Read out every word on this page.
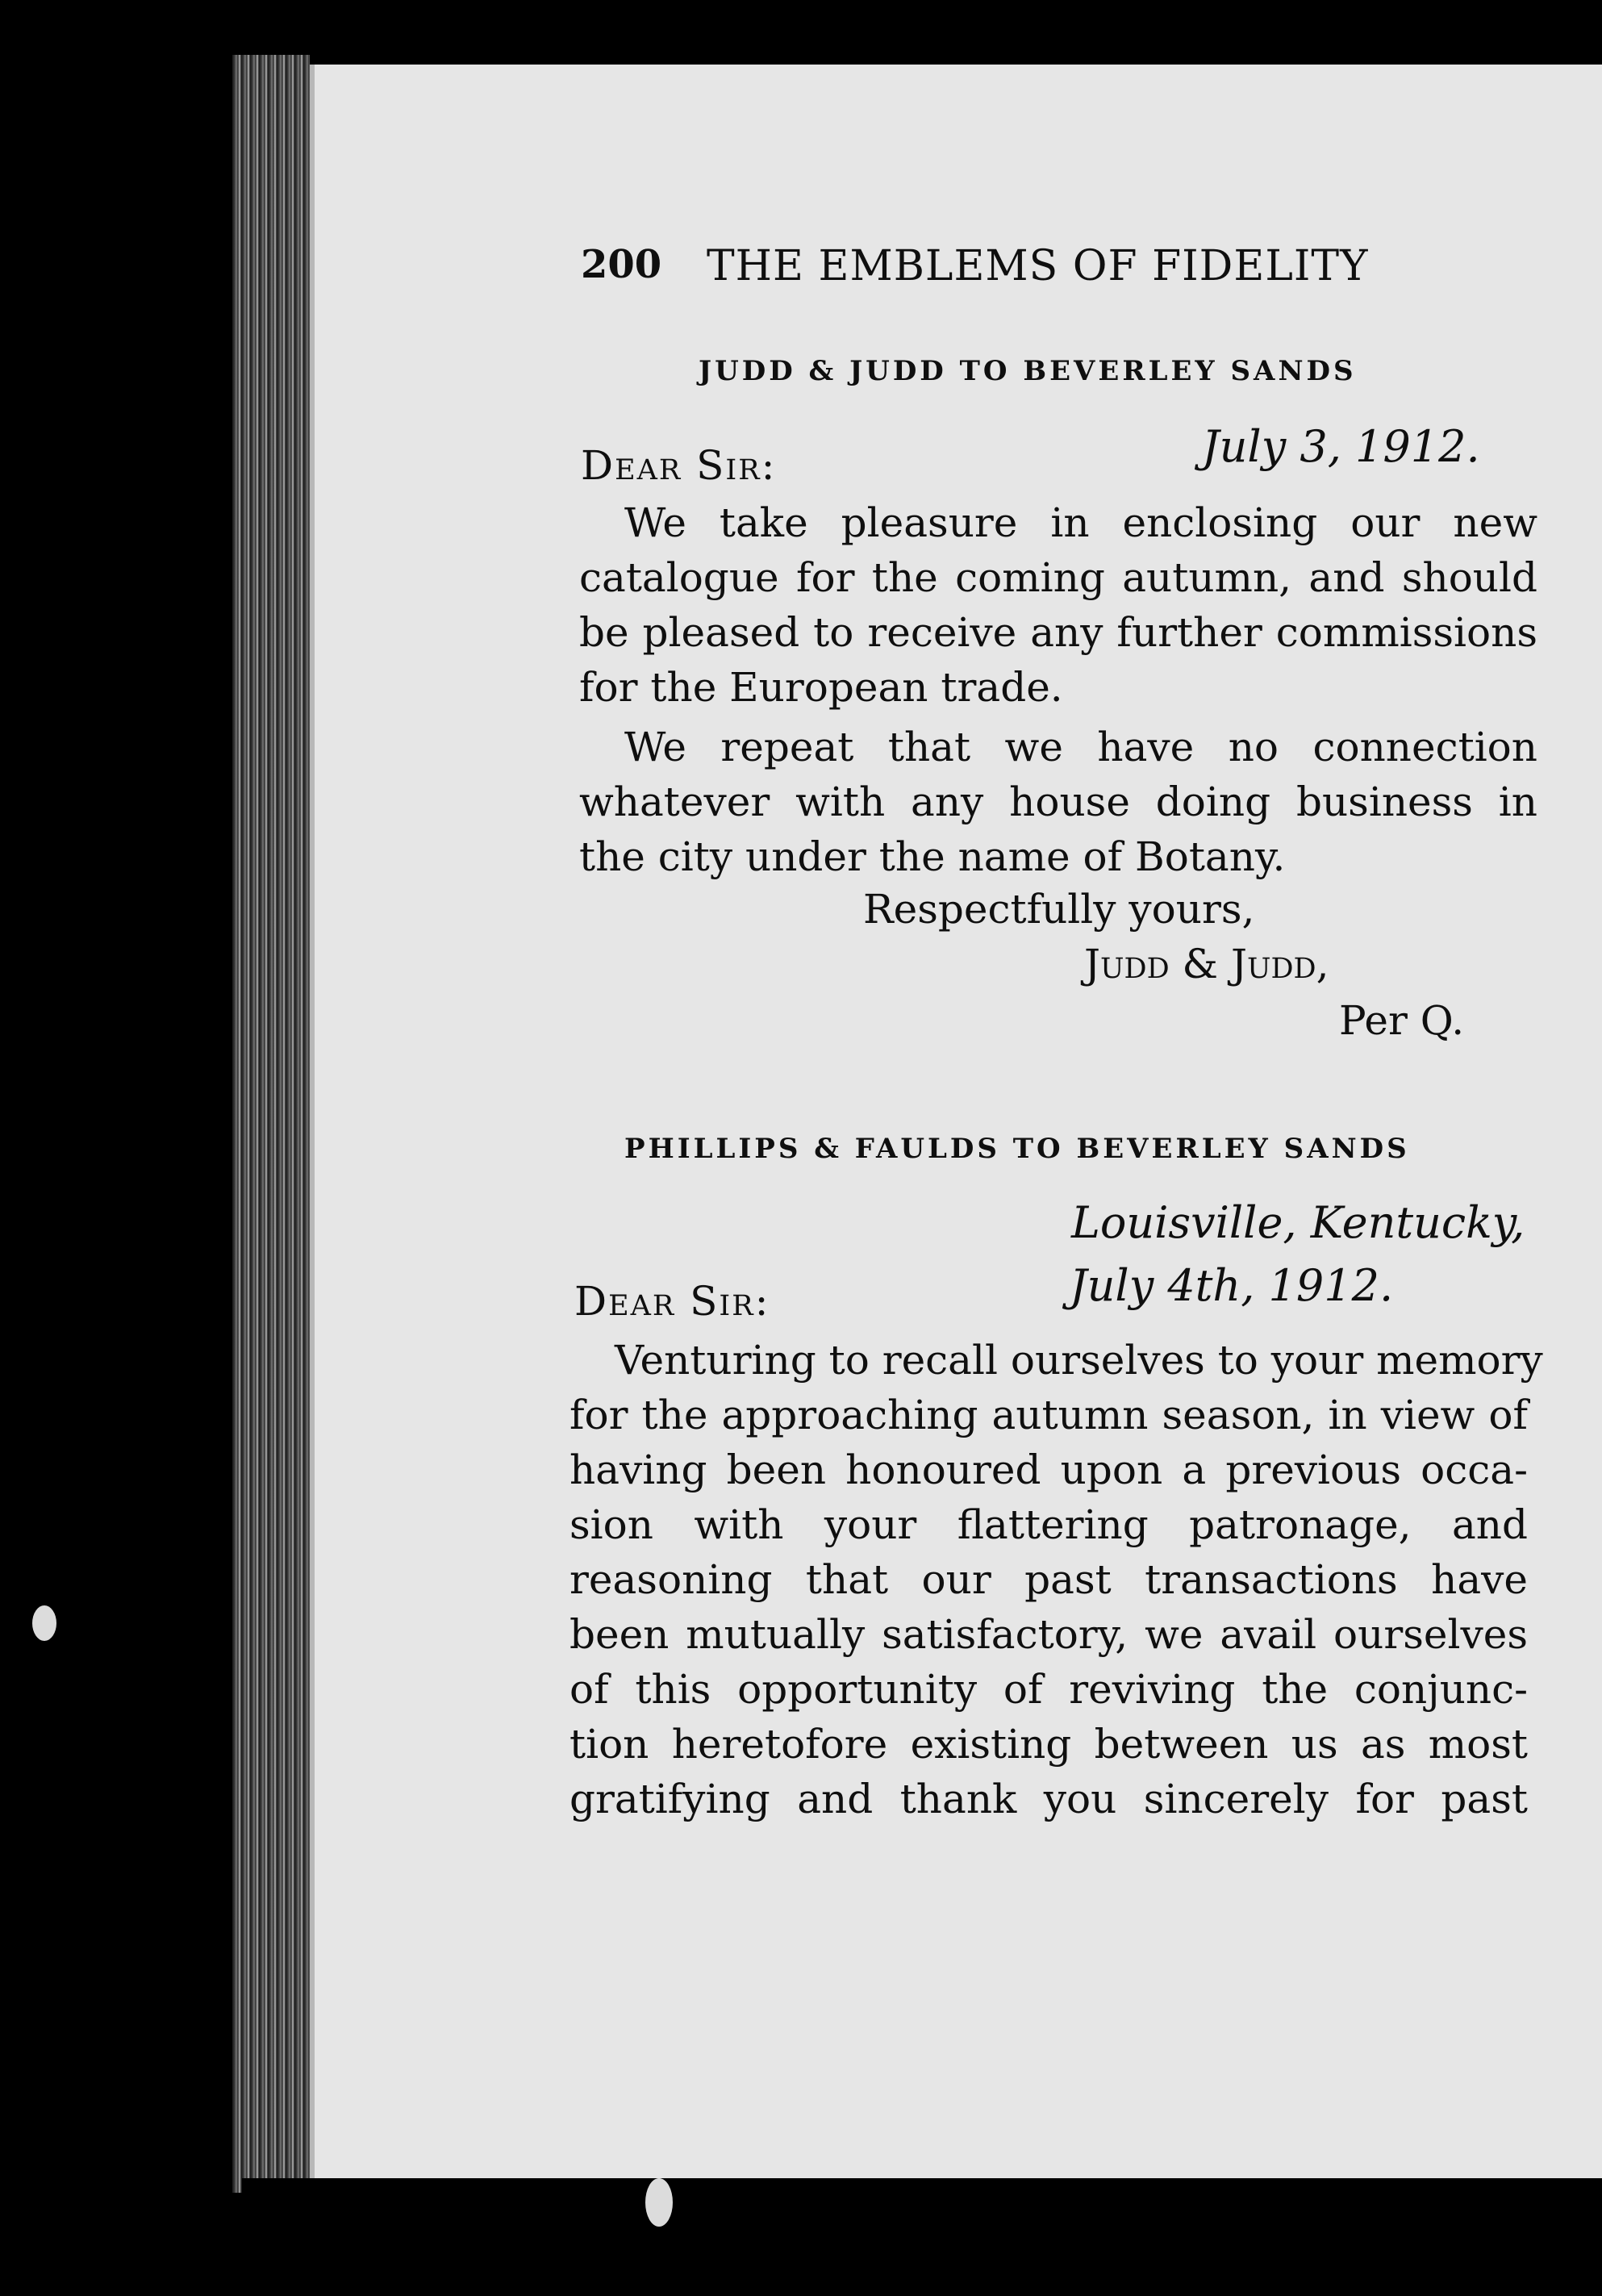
200 THE EMBLEMS OF FIDELITY
JUDD & JUDD TO BEVERLEY SANDS
July 3, 1912.
Dear Sir:
We take pleasure in enclosing our new
catalogue for the coming autumn, and should
be pleased to receive any further commissions
for the European trade.
We repeat that we have no connection
whatever with any house doing business in
the city under the name of Botany.
Respectfully yours,
Judd & Judd,
Per Q.
PHILLIPS & FAULDS TO BEVERLEY SANDS
Louisville, Kentucky,
July 4th, 1912.
Dear Sir:
Venturing to recall ourselves to your memory
for the approaching autumn season, in view of
having been honoured upon a previous occa-
sion with your flattering patronage, and
reasoning that our past transactions have
been mutually satisfactory, we avail ourselves
of this opportunity of reviving the conjunc-
tion heretofore existing between us as most
gratifying and thank you sincerely for past
